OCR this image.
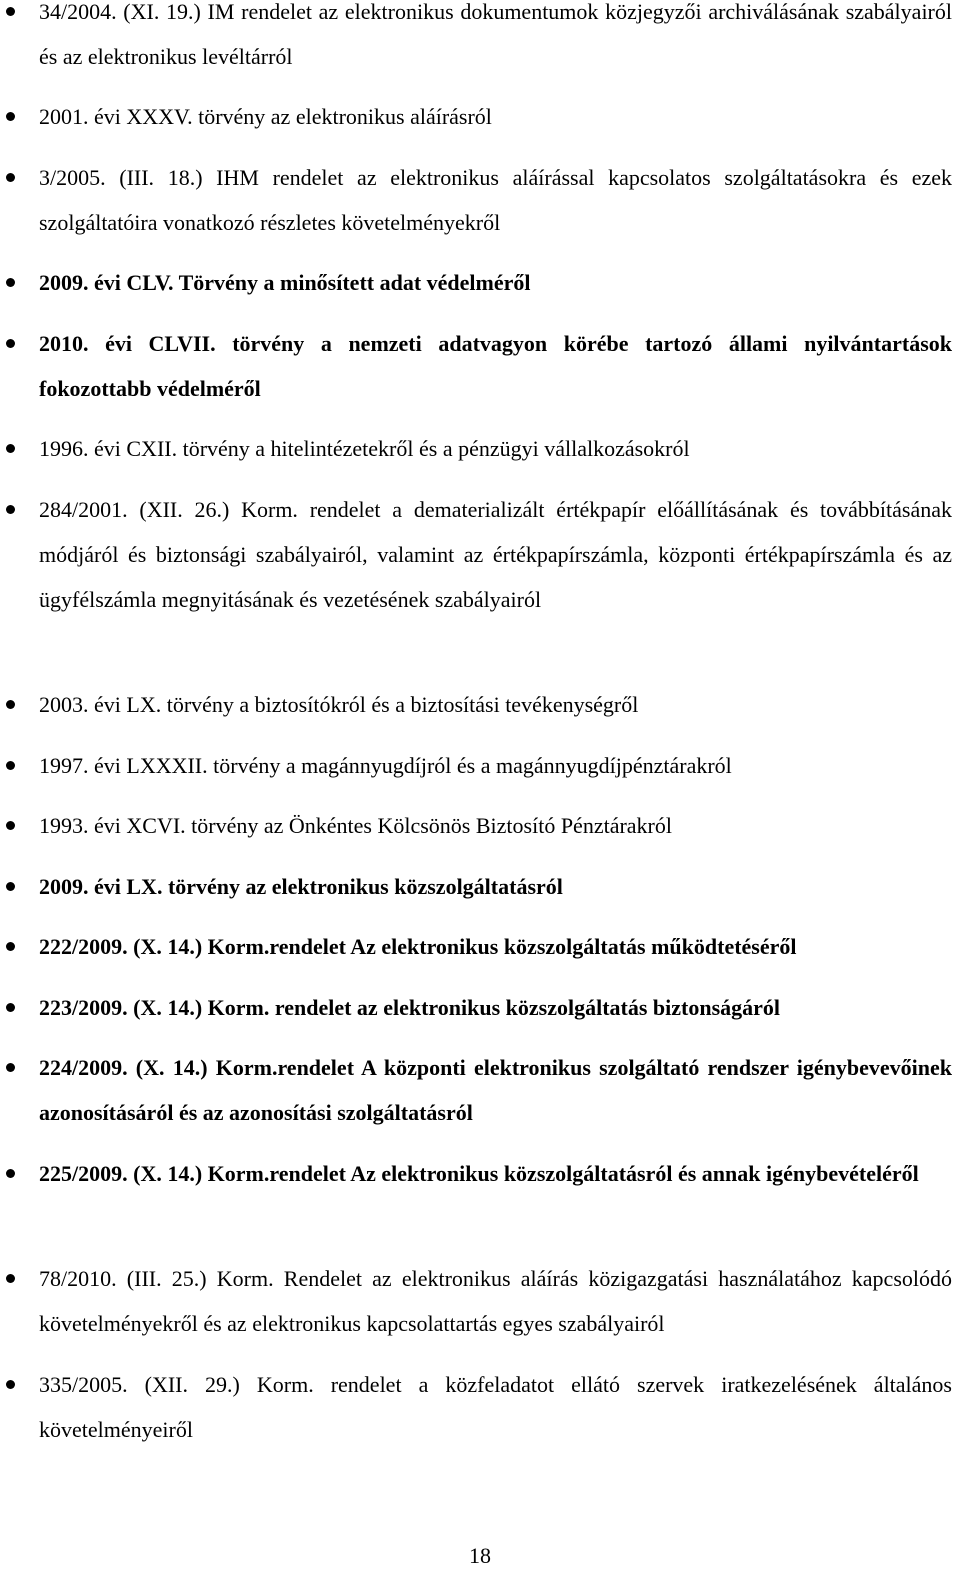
34/2004. (XI. 19.) IM rendelet az elektronikus dokumentumok közjegyzői archiválásának szabályairól és az elektronikus levéltárról
2001. évi XXXV. törvény az elektronikus aláírásról
3/2005. (III. 18.) IHM rendelet az elektronikus aláírással kapcsolatos szolgáltatásokra és ezek szolgáltatóira vonatkozó részletes követelményekről
2009. évi CLV. Törvény a minősített adat védelméről
2010. évi CLVII. törvény a nemzeti adatvagyon körébe tartozó állami nyilvántartások fokozottabb védelméről
1996. évi CXII. törvény a hitelintézetekről és a pénzügyi vállalkozásokról
284/2001. (XII. 26.) Korm. rendelet a dematerializált értékpapír előállításának és továbbításának módjáról és biztonsági szabályairól, valamint az értékpapírszámla, központi értékpapírszámla és az ügyfélszámla megnyitásának és vezetésének szabályairól
2003. évi LX. törvény a biztosítókról és a biztosítási tevékenységről
1997. évi LXXXII. törvény a magánnyugdíjról és a magánnyugdíjpénztárakról
1993. évi XCVI. törvény az Önkéntes Kölcsönös Biztosító Pénztárakról
2009. évi LX. törvény az elektronikus közszolgáltatásról
222/2009. (X. 14.) Korm.rendelet Az elektronikus közszolgáltatás működtetéséről
223/2009. (X. 14.) Korm. rendelet az elektronikus közszolgáltatás biztonságáról
224/2009. (X. 14.) Korm.rendelet A központi elektronikus szolgáltató rendszer igénybevevőinek azonosításáról és az azonosítási szolgáltatásról
225/2009. (X. 14.) Korm.rendelet Az elektronikus közszolgáltatásról és annak igénybevételéről
78/2010. (III. 25.) Korm. Rendelet az elektronikus aláírás közigazgatási használatához kapcsolódó követelményekről és az elektronikus kapcsolattartás egyes szabályairól
335/2005. (XII. 29.) Korm. rendelet a közfeladatot ellátó szervek iratkezelésének általános követelményeiről
18
